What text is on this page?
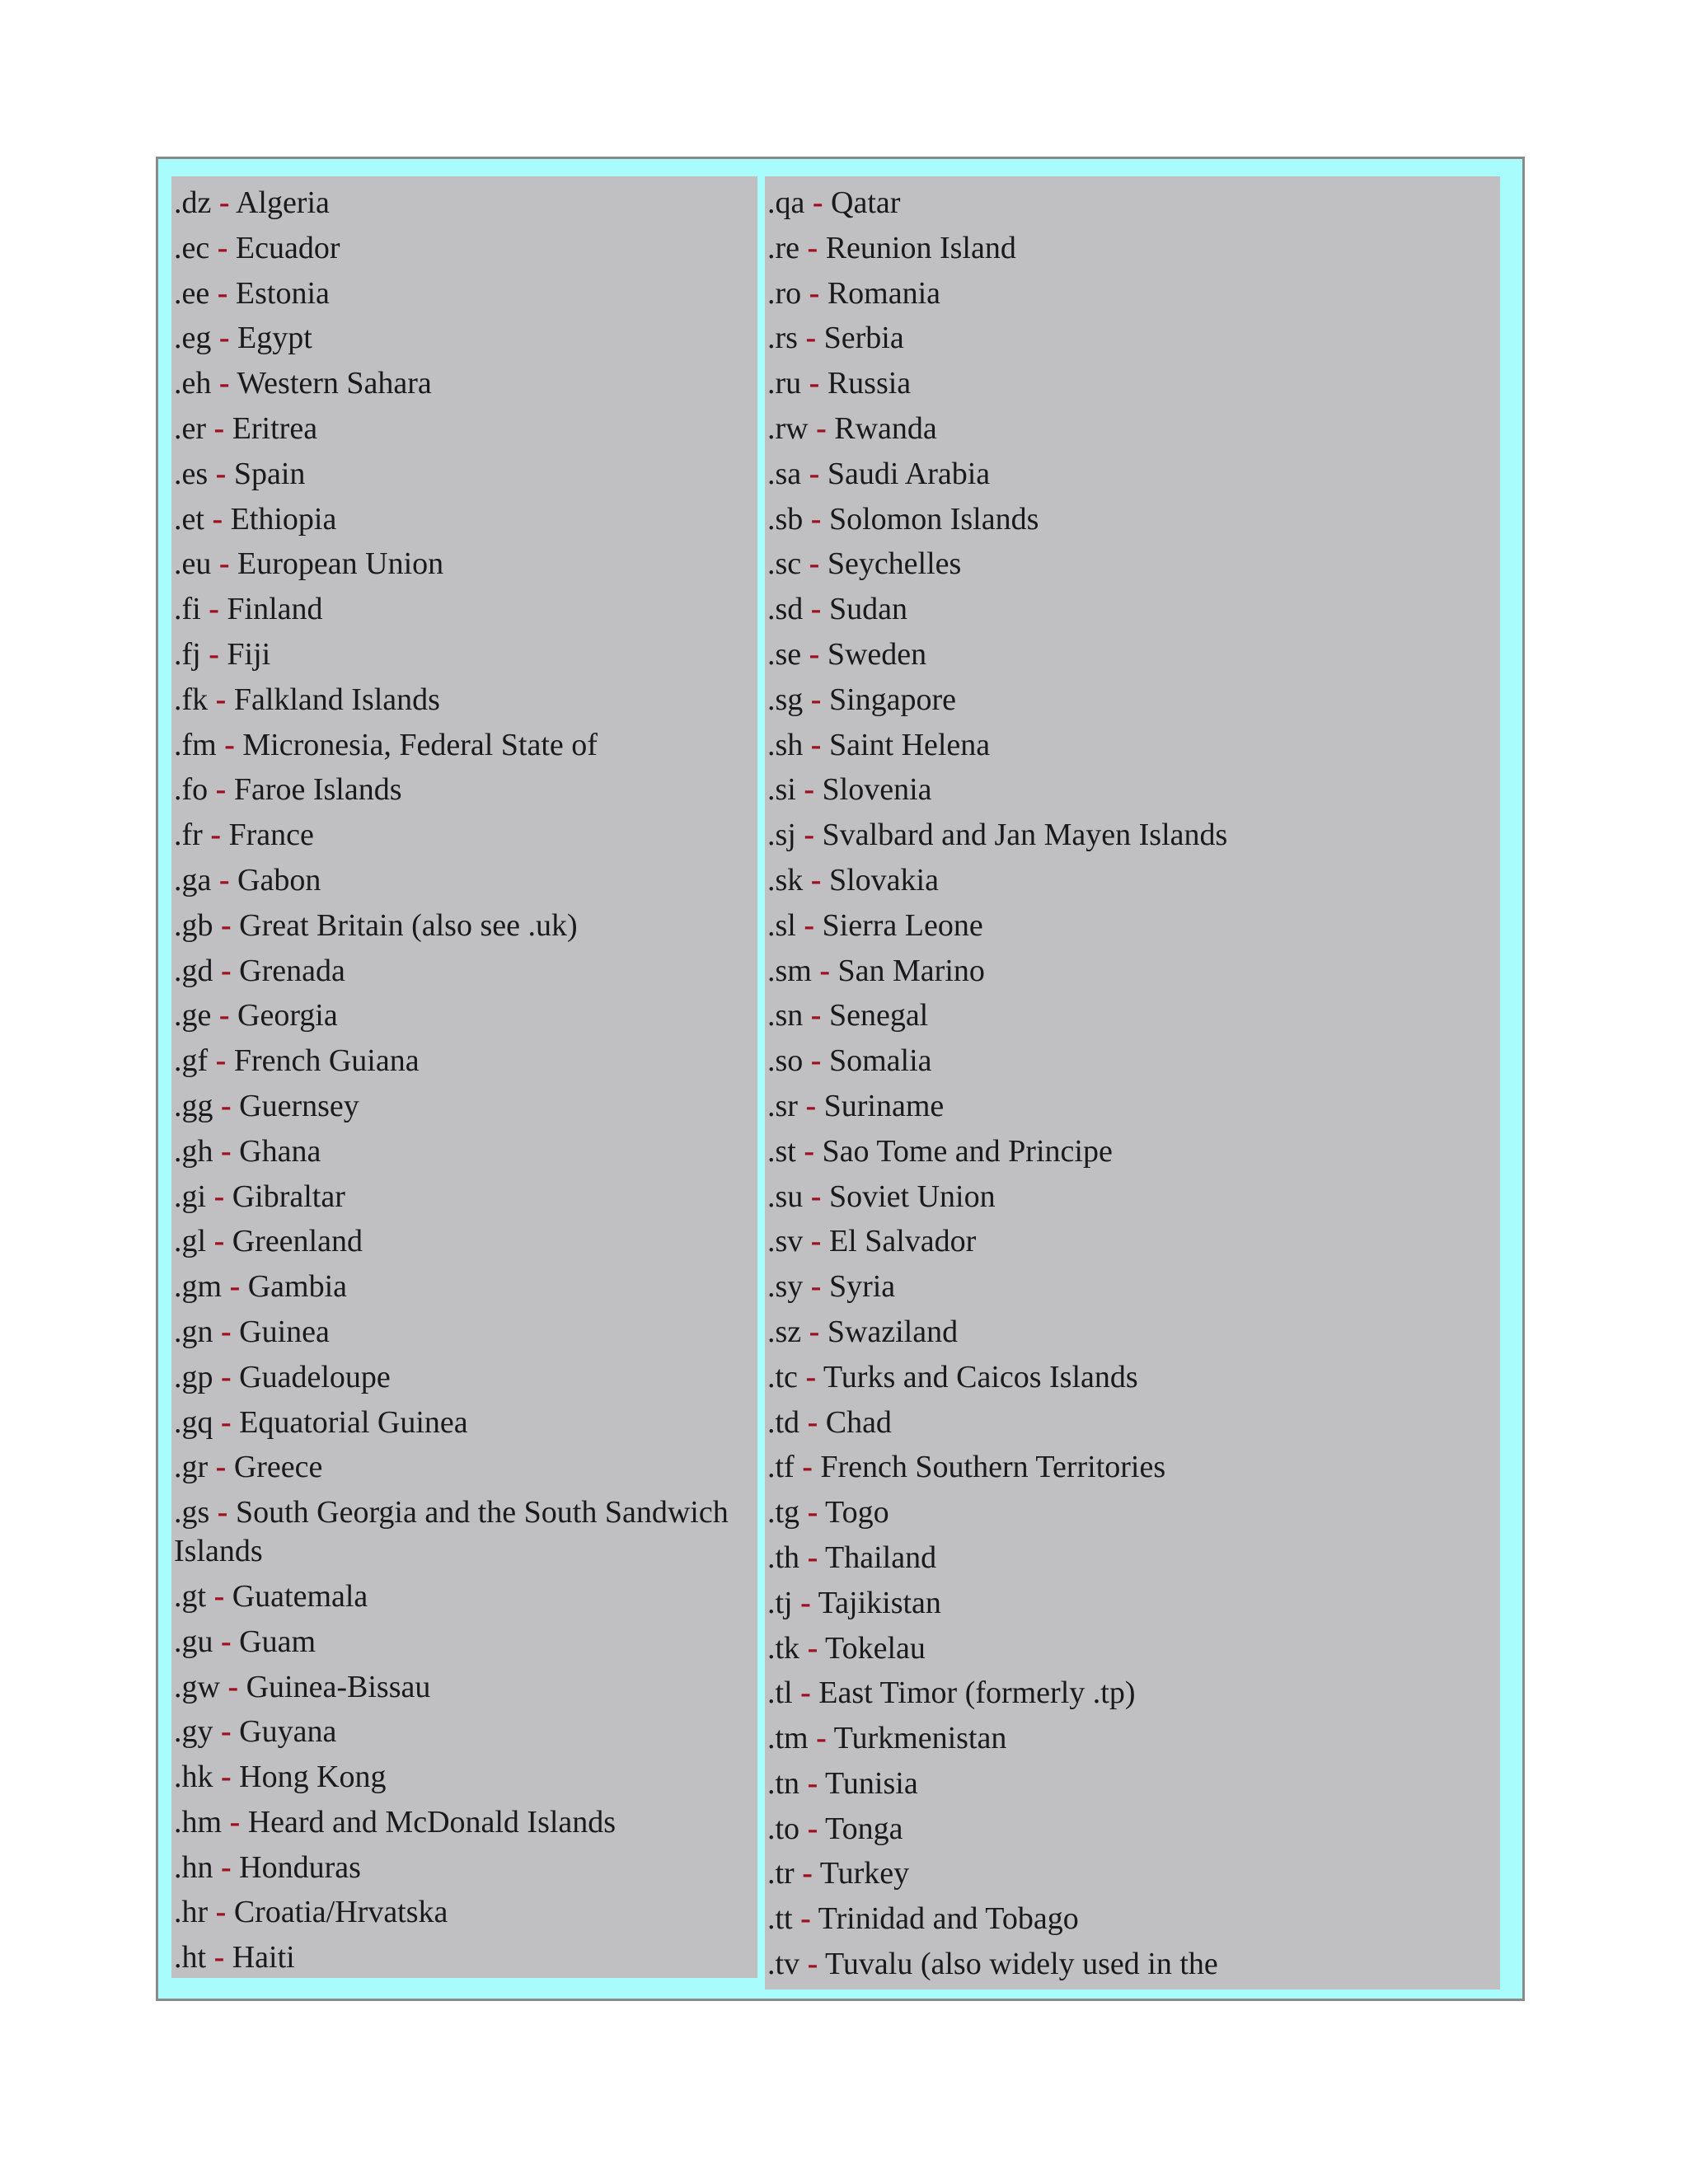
.dz - Algeria
.ec - Ecuador
.ee - Estonia
.eg - Egypt
.eh - Western Sahara
.er - Eritrea
.es - Spain
.et - Ethiopia
.eu - European Union
.fi - Finland
.fj - Fiji
.fk - Falkland Islands
.fm - Micronesia, Federal State of
.fo - Faroe Islands
.fr - France
.ga - Gabon
.gb - Great Britain (also see .uk)
.gd - Grenada
.ge - Georgia
.gf - French Guiana
.gg - Guernsey
.gh - Ghana
.gi - Gibraltar
.gl - Greenland
.gm - Gambia
.gn - Guinea
.gp - Guadeloupe
.gq - Equatorial Guinea
.gr - Greece
.gs - South Georgia and the South Sandwich Islands
.gt - Guatemala
.gu - Guam
.gw - Guinea-Bissau
.gy - Guyana
.hk - Hong Kong
.hm - Heard and McDonald Islands
.hn - Honduras
.hr - Croatia/Hrvatska
.ht - Haiti
.qa - Qatar
.re - Reunion Island
.ro - Romania
.rs - Serbia
.ru - Russia
.rw - Rwanda
.sa - Saudi Arabia
.sb - Solomon Islands
.sc - Seychelles
.sd - Sudan
.se - Sweden
.sg - Singapore
.sh - Saint Helena
.si - Slovenia
.sj - Svalbard and Jan Mayen Islands
.sk - Slovakia
.sl - Sierra Leone
.sm - San Marino
.sn - Senegal
.so - Somalia
.sr - Suriname
.st - Sao Tome and Principe
.su - Soviet Union
.sv - El Salvador
.sy - Syria
.sz - Swaziland
.tc - Turks and Caicos Islands
.td - Chad
.tf - French Southern Territories
.tg - Togo
.th - Thailand
.tj - Tajikistan
.tk - Tokelau
.tl - East Timor (formerly .tp)
.tm - Turkmenistan
.tn - Tunisia
.to - Tonga
.tr - Turkey
.tt - Trinidad and Tobago
.tv - Tuvalu (also widely used in the
